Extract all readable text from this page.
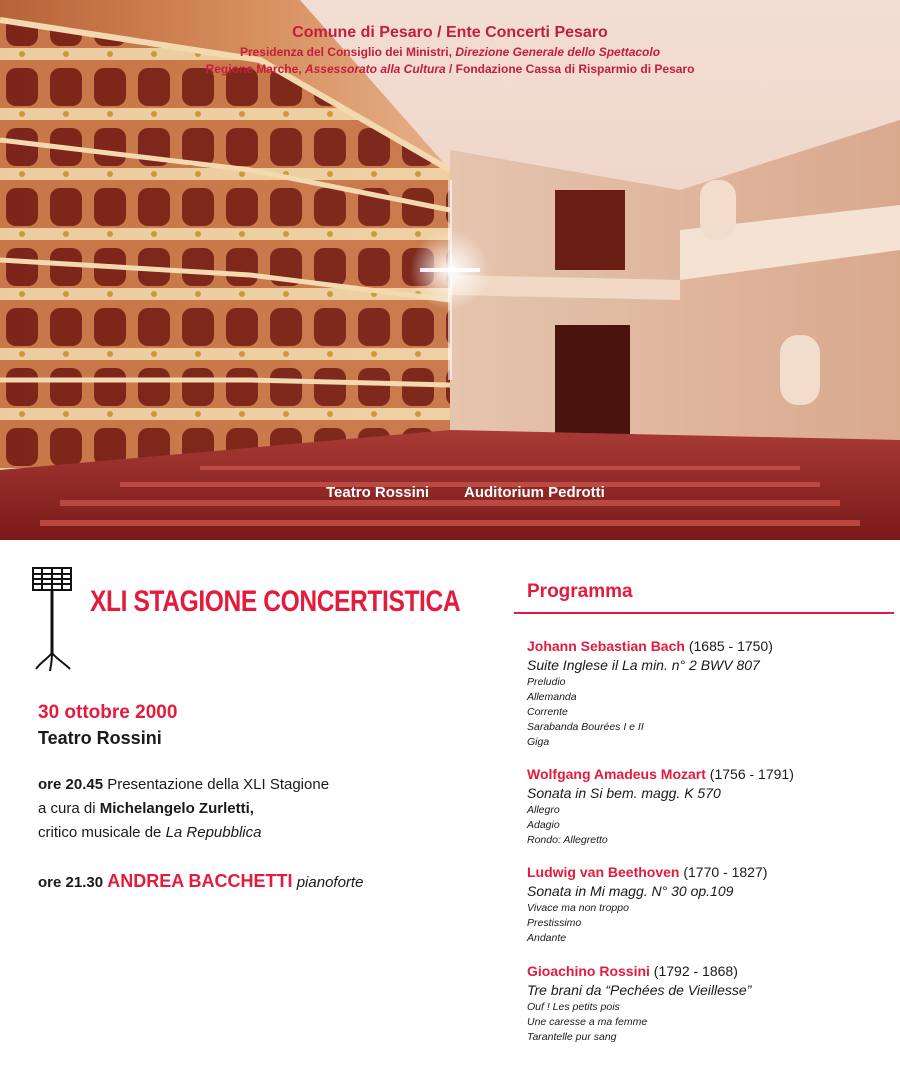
Comune di Pesaro / Ente Concerti Pesaro
Presidenza del Consiglio dei Ministri, Direzione Generale dello Spettacolo
Regione Marche, Assessorato alla Cultura / Fondazione Cassa di Risparmio di Pesaro
Teatro Rossini Auditorium Pedrotti
XLI STAGIONE CONCERTISTICA
30 ottobre 2000
Teatro Rossini
ore 20.45 Presentazione della XLI Stagione
a cura di Michelangelo Zurletti,
critico musicale de La Repubblica
ore 21.30 ANDREA BACCHETTI pianoforte
Programma
Johann Sebastian Bach (1685 - 1750)
Suite Inglese il La min. n° 2 BWV 807
Preludio
Allemanda
Corrente
Sarabanda Bourées I e II
Giga
Wolfgang Amadeus Mozart (1756 - 1791)
Sonata in Si bem. magg. K 570
Allegro
Adagio
Rondo: Allegretto
Ludwig van Beethoven (1770 - 1827)
Sonata in Mi magg. N° 30 op.109
Vivace ma non troppo
Prestissimo
Andante
Gioachino Rossini (1792 - 1868)
Tre brani da “Pechées de Vieillesse”
Ouf ! Les petits pois
Une caresse a ma femme
Tarantelle pur sang
